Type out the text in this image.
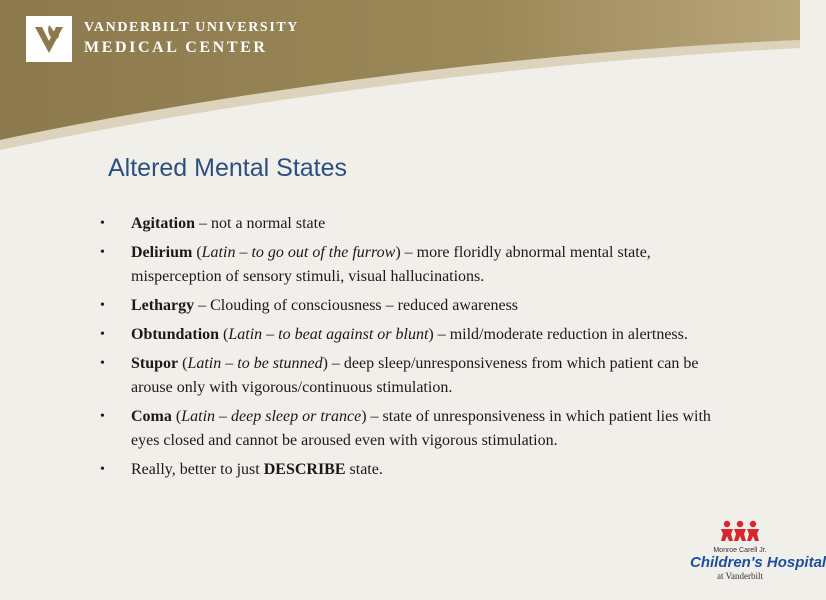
VANDERBILT UNIVERSITY
MEDICAL CENTER
Altered Mental States
• Agitation – not a normal state
• Delirium (Latin – to go out of the furrow) – more floridly abnormal mental state, misperception of sensory stimuli, visual hallucinations.
• Lethargy – Clouding of consciousness – reduced awareness
• Obtundation (Latin – to beat against or blunt) – mild/moderate reduction in alertness.
• Stupor (Latin – to be stunned) – deep sleep/unresponsiveness from which patient can be arouse only with vigorous/continuous stimulation.
• Coma (Latin – deep sleep or trance) – state of unresponsiveness in which patient lies with eyes closed and cannot be aroused even with vigorous stimulation.
• Really, better to just DESCRIBE state.
Monroe Carell Jr.
Children's Hospital
at Vanderbilt
